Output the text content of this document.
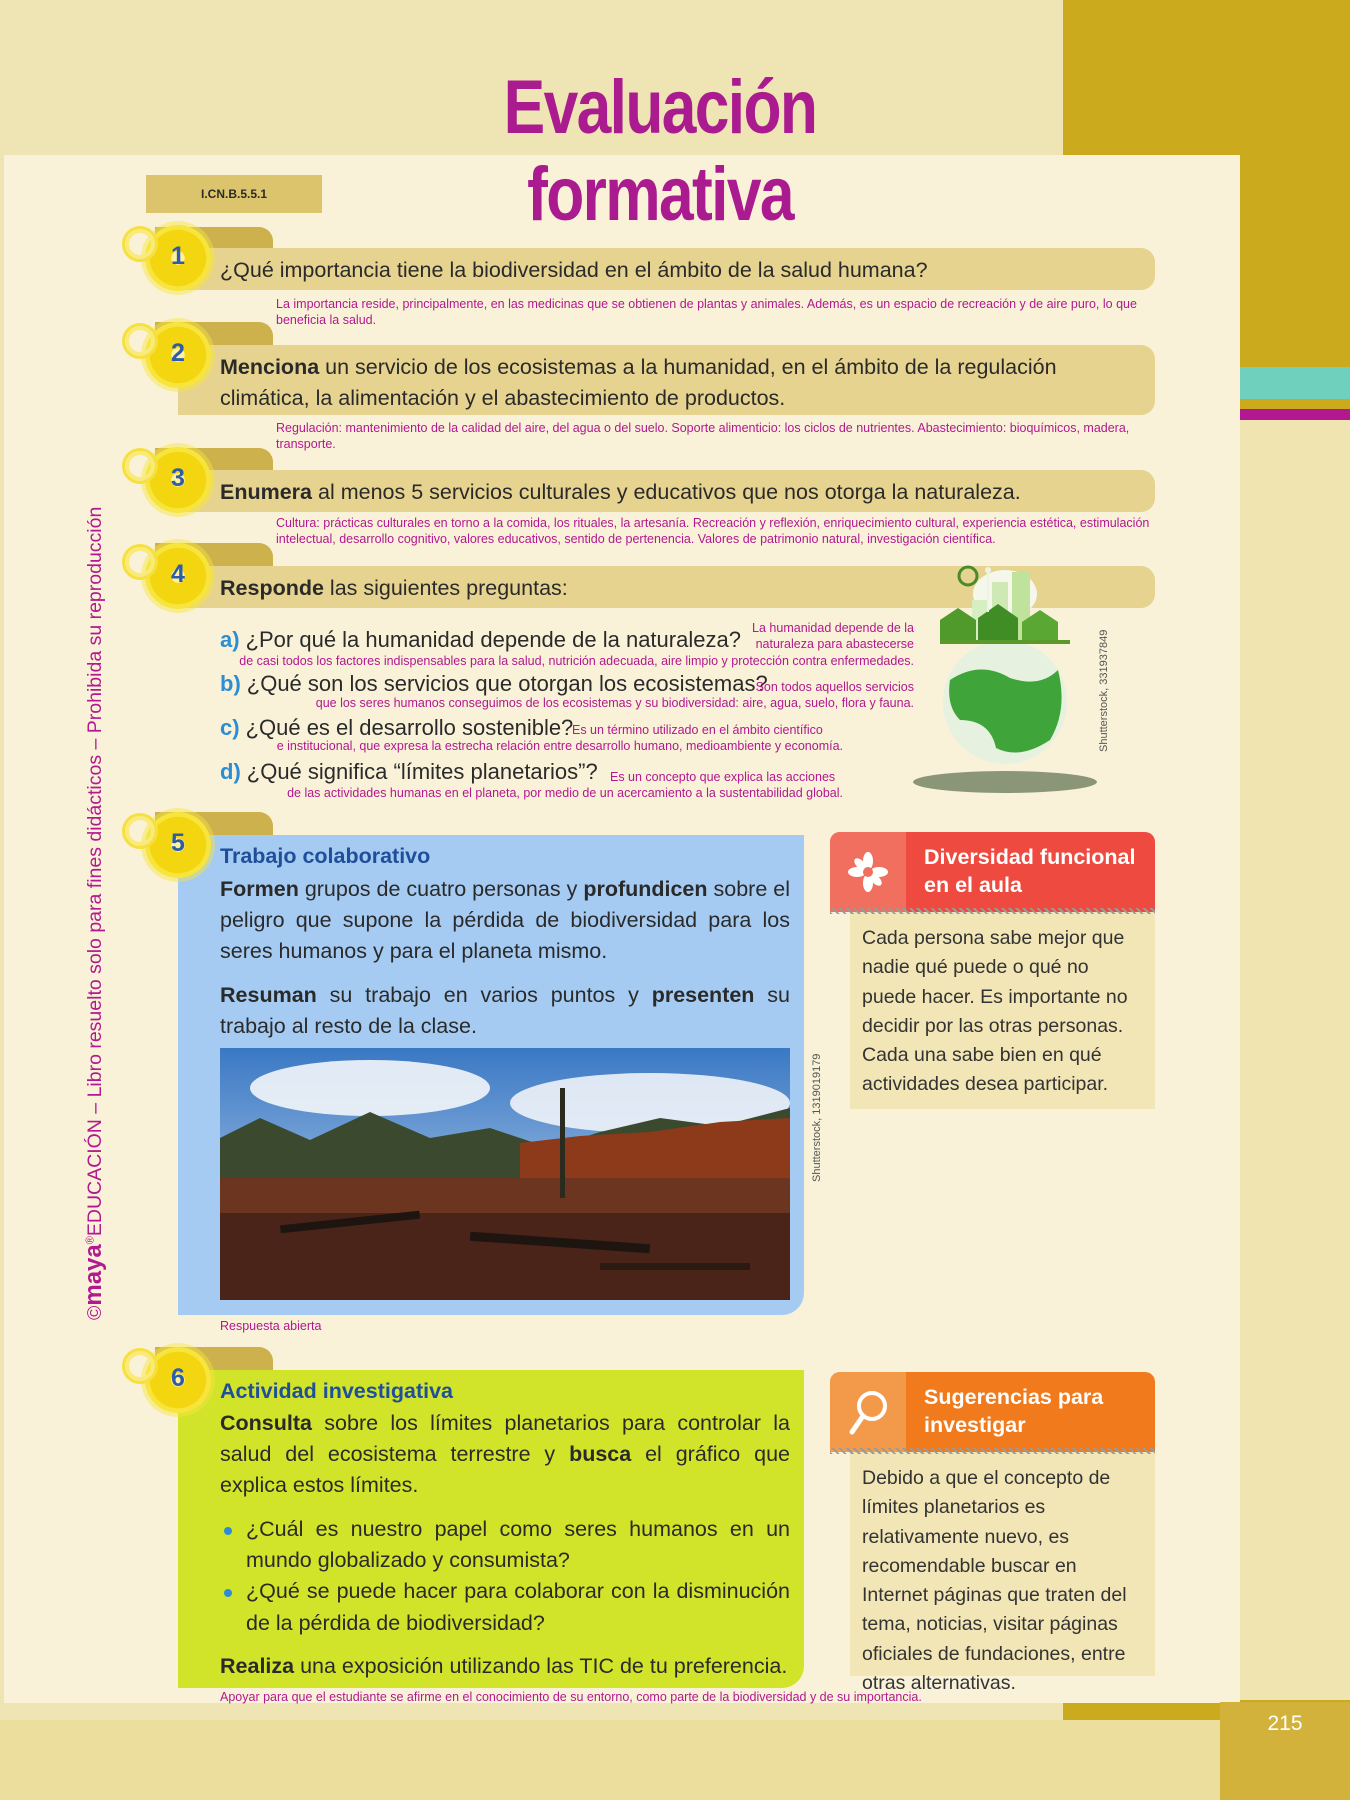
215
Evaluación formativa
I.CN.B.5.5.1
©maya®EDUCACIÓN – Libro resuelto solo para fines didácticos – Prohibida su reproducción
1	¿Qué importancia tiene la biodiversidad en el ámbito de la salud humana?
La importancia reside, principalmente, en las medicinas que se obtienen de plantas y animales. Además, es un espacio de recreación y de aire puro, lo que beneficia la salud.
2	Menciona un servicio de los ecosistemas a la humanidad, en el ámbito de la regulación climática, la alimentación y el abastecimiento de productos.
Regulación: mantenimiento de la calidad del aire, del agua o del suelo. Soporte alimenticio: los ciclos de nutrientes. Abastecimiento: bioquímicos, madera, transporte.
3	Enumera al menos 5 servicios culturales y educativos que nos otorga la naturaleza.
Cultura: prácticas culturales en torno a la comida, los rituales, la artesanía. Recreación y reflexión, enriquecimiento cultural, experiencia estética, estimulación intelectual, desarrollo cognitivo, valores educativos, sentido de pertenencia. Valores de patrimonio natural, investigación científica.
4	Responde las siguientes preguntas:
a) ¿Por qué la humanidad depende de la naturaleza? La humanidad depende de la naturaleza para abastecerse
de casi todos los factores indispensables para la salud, nutrición adecuada, aire limpio y protección contra enfermedades.
b) ¿Qué son los servicios que otorgan los ecosistemas?
Son todos aquellos servicios
que los seres humanos conseguimos de los ecosistemas y su biodiversidad: aire, agua, suelo, flora y fauna.
c) ¿Qué es el desarrollo sostenible?
Es un término utilizado en el ámbito científico
e institucional, que expresa la estrecha relación entre desarrollo humano, medioambiente y economía.
d) ¿Qué significa “límites planetarios”? Es un concepto que explica las acciones
de las actividades humanas en el planeta, por medio de un acercamiento a la sustentabilidad global.
Shutterstock, 331937849
5	Trabajo colaborativo
Formen grupos de cuatro personas y profundicen sobre el peligro que supone la pérdida de biodiversidad para los seres humanos y para el planeta mismo.
Resuman su trabajo en varios puntos y presenten su trabajo al resto de la clase.
Shutterstock, 1319019179
Respuesta abierta
Diversidad funcional en el aula
Cada persona sabe mejor que nadie qué puede o qué no puede hacer. Es importante no decidir por las otras personas. Cada una sabe bien en qué actividades desea participar.
6	Actividad investigativa
Consulta sobre los límites planetarios para controlar la salud del ecosistema terrestre y busca el gráfico que explica estos límites.
¿Cuál es nuestro papel como seres humanos en un mundo globalizado y consumista?
¿Qué se puede hacer para colaborar con la disminución de la pérdida de biodiversidad?
Realiza una exposición utilizando las TIC de tu preferencia.
Apoyar para que el estudiante se afirme en el conocimiento de su entorno, como parte de la biodiversidad y de su importancia.
Sugerencias para investigar
Debido a que el concepto de límites planetarios es relativamente nuevo, es recomendable buscar en Internet páginas que traten del tema, noticias, visitar páginas oficiales de fundaciones, entre otras alternativas.
